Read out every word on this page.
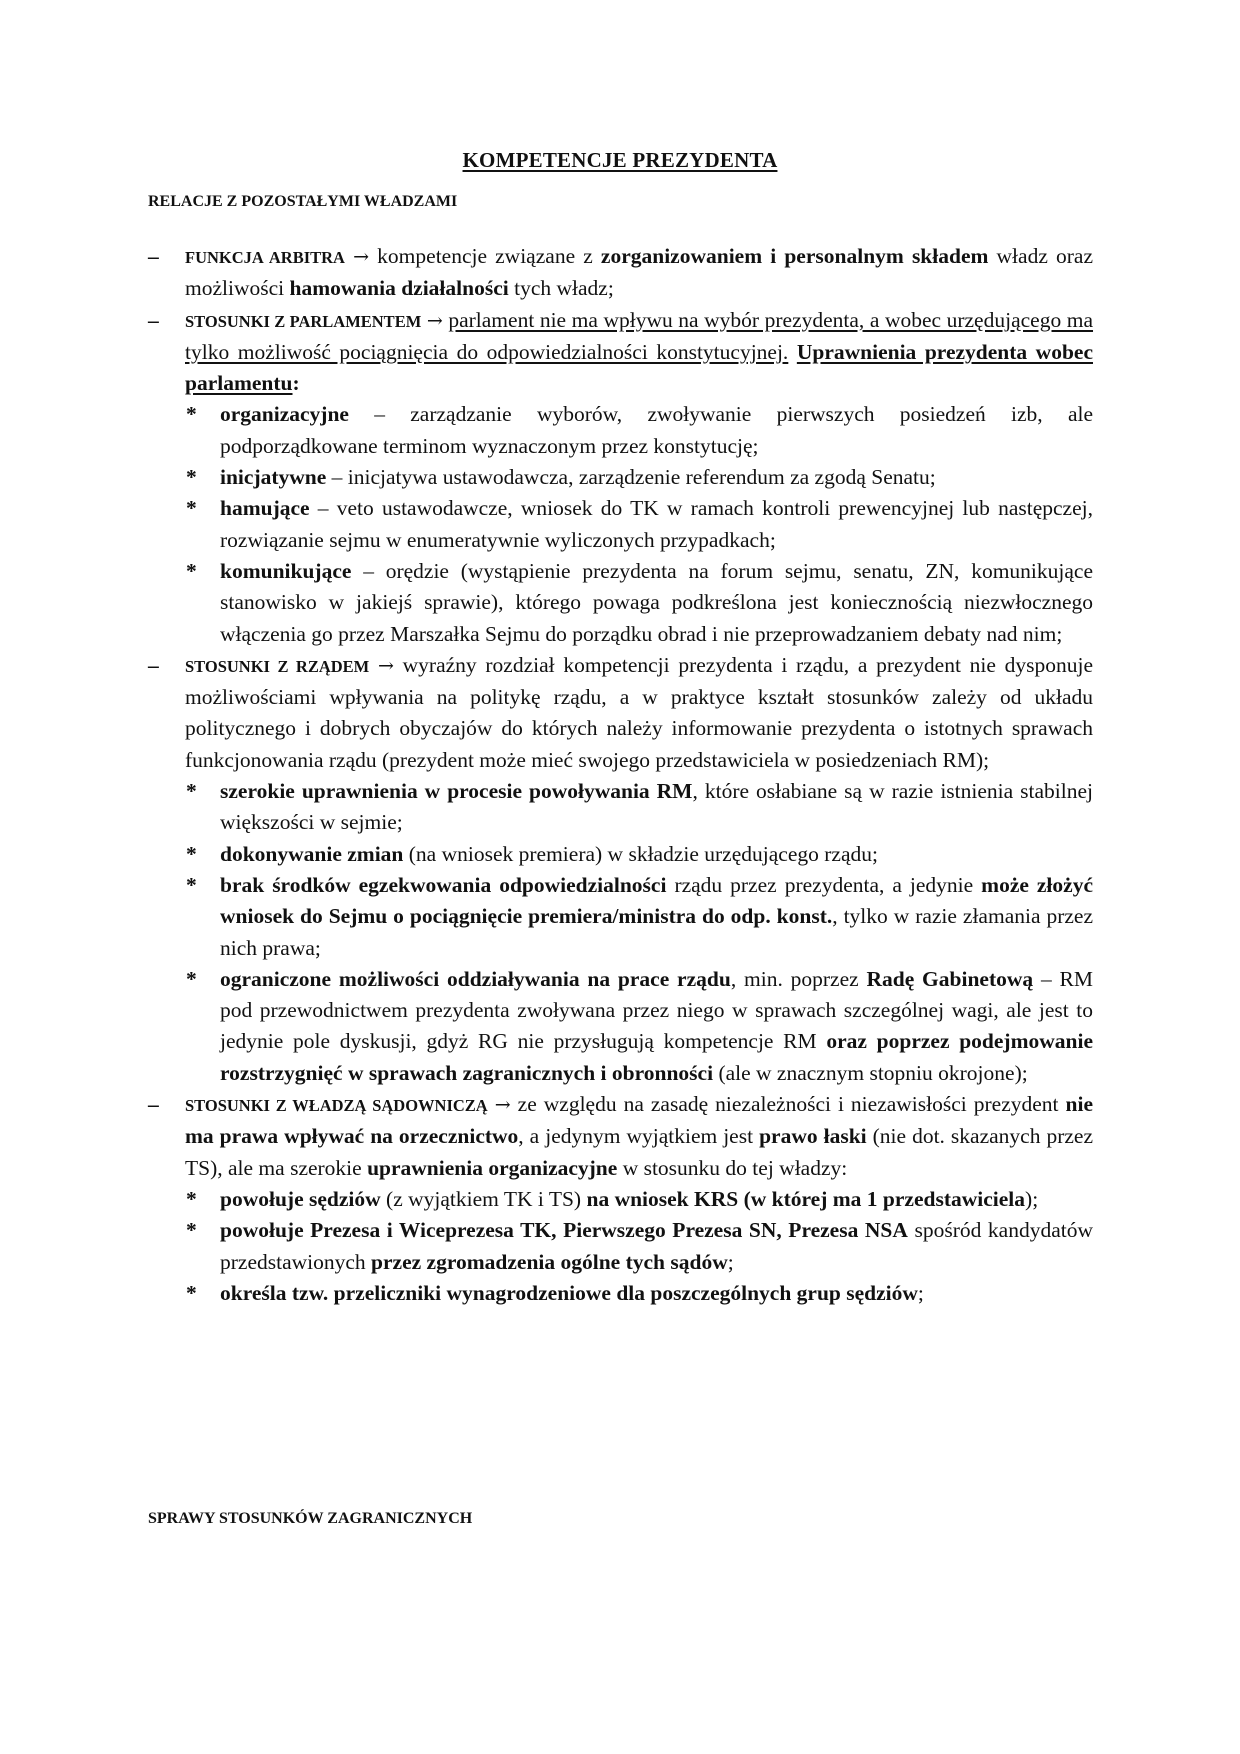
KOMPETENCJE PREZYDENTA
RELACJE Z POZOSTAŁYMI WŁADZAMI
– FUNKCJA ARBITRA → kompetencje związane z zorganizowaniem i personalnym składem władz oraz możliwości hamowania działalności tych władz;
– STOSUNKI Z PARLAMENTEM → parlament nie ma wpływu na wybór prezydenta, a wobec urzędującego ma tylko możliwość pociągnięcia do odpowiedzialności konstytucyjnej. Uprawnienia prezydenta wobec parlamentu:
* organizacyjne – zarządzanie wyborów, zwoływanie pierwszych posiedzeń izb, ale podporządkowane terminom wyznaczonym przez konstytucję;
* inicjatywne – inicjatywa ustawodawcza, zarządzenie referendum za zgodą Senatu;
* hamujące – veto ustawodawcze, wniosek do TK w ramach kontroli prewencyjnej lub następczej, rozwiązanie sejmu w enumeratywnie wyliczonych przypadkach;
* komunikujące – orędzie (wystąpienie prezydenta na forum sejmu, senatu, ZN, komunikujące stanowisko w jakiejś sprawie), którego powaga podkreślona jest koniecznością niezwłocznego włączenia go przez Marszałka Sejmu do porządku obrad i nie przeprowadzaniem debaty nad nim;
– STOSUNKI Z RZĄDEM → wyraźny rozdział kompetencji prezydenta i rządu, a prezydent nie dysponuje możliwościami wpływania na politykę rządu, a w praktyce kształt stosunków zależy od układu politycznego i dobrych obyczajów do których należy informowanie prezydenta o istotnych sprawach funkcjonowania rządu (prezydent może mieć swojego przedstawiciela w posiedzeniach RM);
* szerokie uprawnienia w procesie powoływania RM, które osłabiane są w razie istnienia stabilnej większości w sejmie;
* dokonywanie zmian (na wniosek premiera) w składzie urzędującego rządu;
* brak środków egzekwowania odpowiedzialności rządu przez prezydenta, a jedynie może złożyć wniosek do Sejmu o pociągnięcie premiera/ministra do odp. konst., tylko w razie złamania przez nich prawa;
* ograniczone możliwości oddziaływania na prace rządu, min. poprzez Radę Gabinetową – RM pod przewodnictwem prezydenta zwoływana przez niego w sprawach szczególnej wagi, ale jest to jedynie pole dyskusji, gdyż RG nie przysługują kompetencje RM oraz poprzez podejmowanie rozstrzygnięć w sprawach zagranicznych i obronności (ale w znacznym stopniu okrojone);
– STOSUNKI Z WŁADZĄ SĄDOWNICZĄ → ze względu na zasadę niezależności i niezawisłości prezydent nie ma prawa wpływać na orzecznictwo, a jedynym wyjątkiem jest prawo łaski (nie dot. skazanych przez TS), ale ma szerokie uprawnienia organizacyjne w stosunku do tej władzy:
* powołuje sędziów (z wyjątkiem TK i TS) na wniosek KRS (w której ma 1 przedstawiciela);
* powołuje Prezesa i Wiceprezesa TK, Pierwszego Prezesa SN, Prezesa NSA spośród kandydatów przedstawionych przez zgromadzenia ogólne tych sądów;
* określa tzw. przeliczniki wynagrodzeniowe dla poszczególnych grup sędziów;
SPRAWY STOSUNKÓW ZAGRANICZNYCH
